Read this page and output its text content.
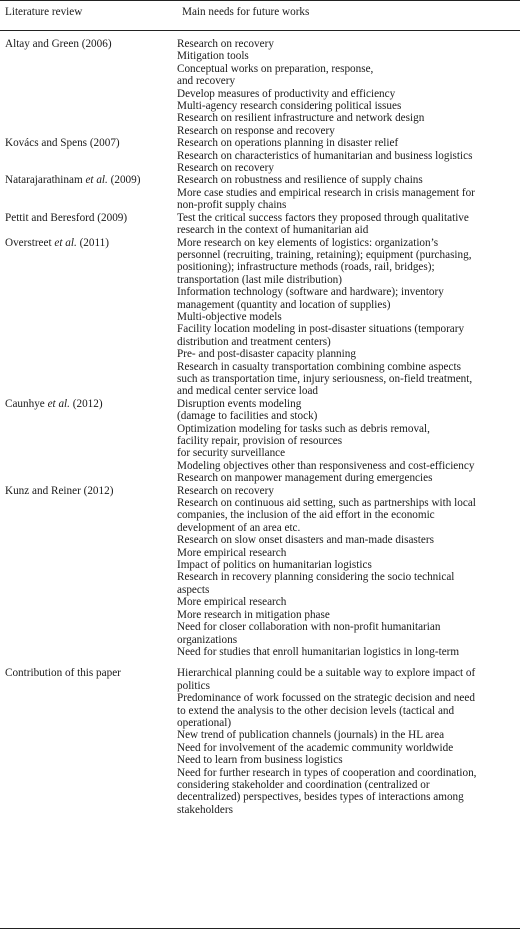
Literature review	Main needs for future works
Altay and Green (2006)	Research on recovery
Mitigation tools
Conceptual works on preparation, response,
and recovery
Develop measures of productivity and efficiency
Multi-agency research considering political issues
Research on resilient infrastructure and network design
Research on response and recovery
Kovács and Spens (2007)	Research on operations planning in disaster relief
Research on characteristics of humanitarian and business logistics
Research on recovery
Natarajarathinam et al. (2009)	Research on robustness and resilience of supply chains
More case studies and empirical research in crisis management for
non-profit supply chains
Pettit and Beresford (2009)	Test the critical success factors they proposed through qualitative
research in the context of humanitarian aid
Overstreet et al. (2011)	More research on key elements of logistics: organization’s
personnel (recruiting, training, retaining); equipment (purchasing,
positioning); infrastructure methods (roads, rail, bridges);
transportation (last mile distribution)
Information technology (software and hardware); inventory
management (quantity and location of supplies)
Multi-objective models
Facility location modeling in post-disaster situations (temporary
distribution and treatment centers)
Pre- and post-disaster capacity planning
Research in casualty transportation combining combine aspects
such as transportation time, injury seriousness, on-field treatment,
and medical center service load
Caunhye et al. (2012)	Disruption events modeling
(damage to facilities and stock)
Optimization modeling for tasks such as debris removal,
facility repair, provision of resources
for security surveillance
Modeling objectives other than responsiveness and cost-efficiency
Research on manpower management during emergencies
Kunz and Reiner (2012)	Research on recovery
Research on continuous aid setting, such as partnerships with local
companies, the inclusion of the aid effort in the economic
development of an area etc.
Research on slow onset disasters and man-made disasters
More empirical research
Impact of politics on humanitarian logistics
Research in recovery planning considering the socio technical
aspects
More empirical research
More research in mitigation phase
Need for closer collaboration with non-profit humanitarian
organizations
Need for studies that enroll humanitarian logistics in long-term
Contribution of this paper	Hierarchical planning could be a suitable way to explore impact of
politics
Predominance of work focussed on the strategic decision and need
to extend the analysis to the other decision levels (tactical and
operational)
New trend of publication channels (journals) in the HL area
Need for involvement of the academic community worldwide
Need to learn from business logistics
Need for further research in types of cooperation and coordination,
considering stakeholder and coordination (centralized or
decentralized) perspectives, besides types of interactions among
stakeholders
